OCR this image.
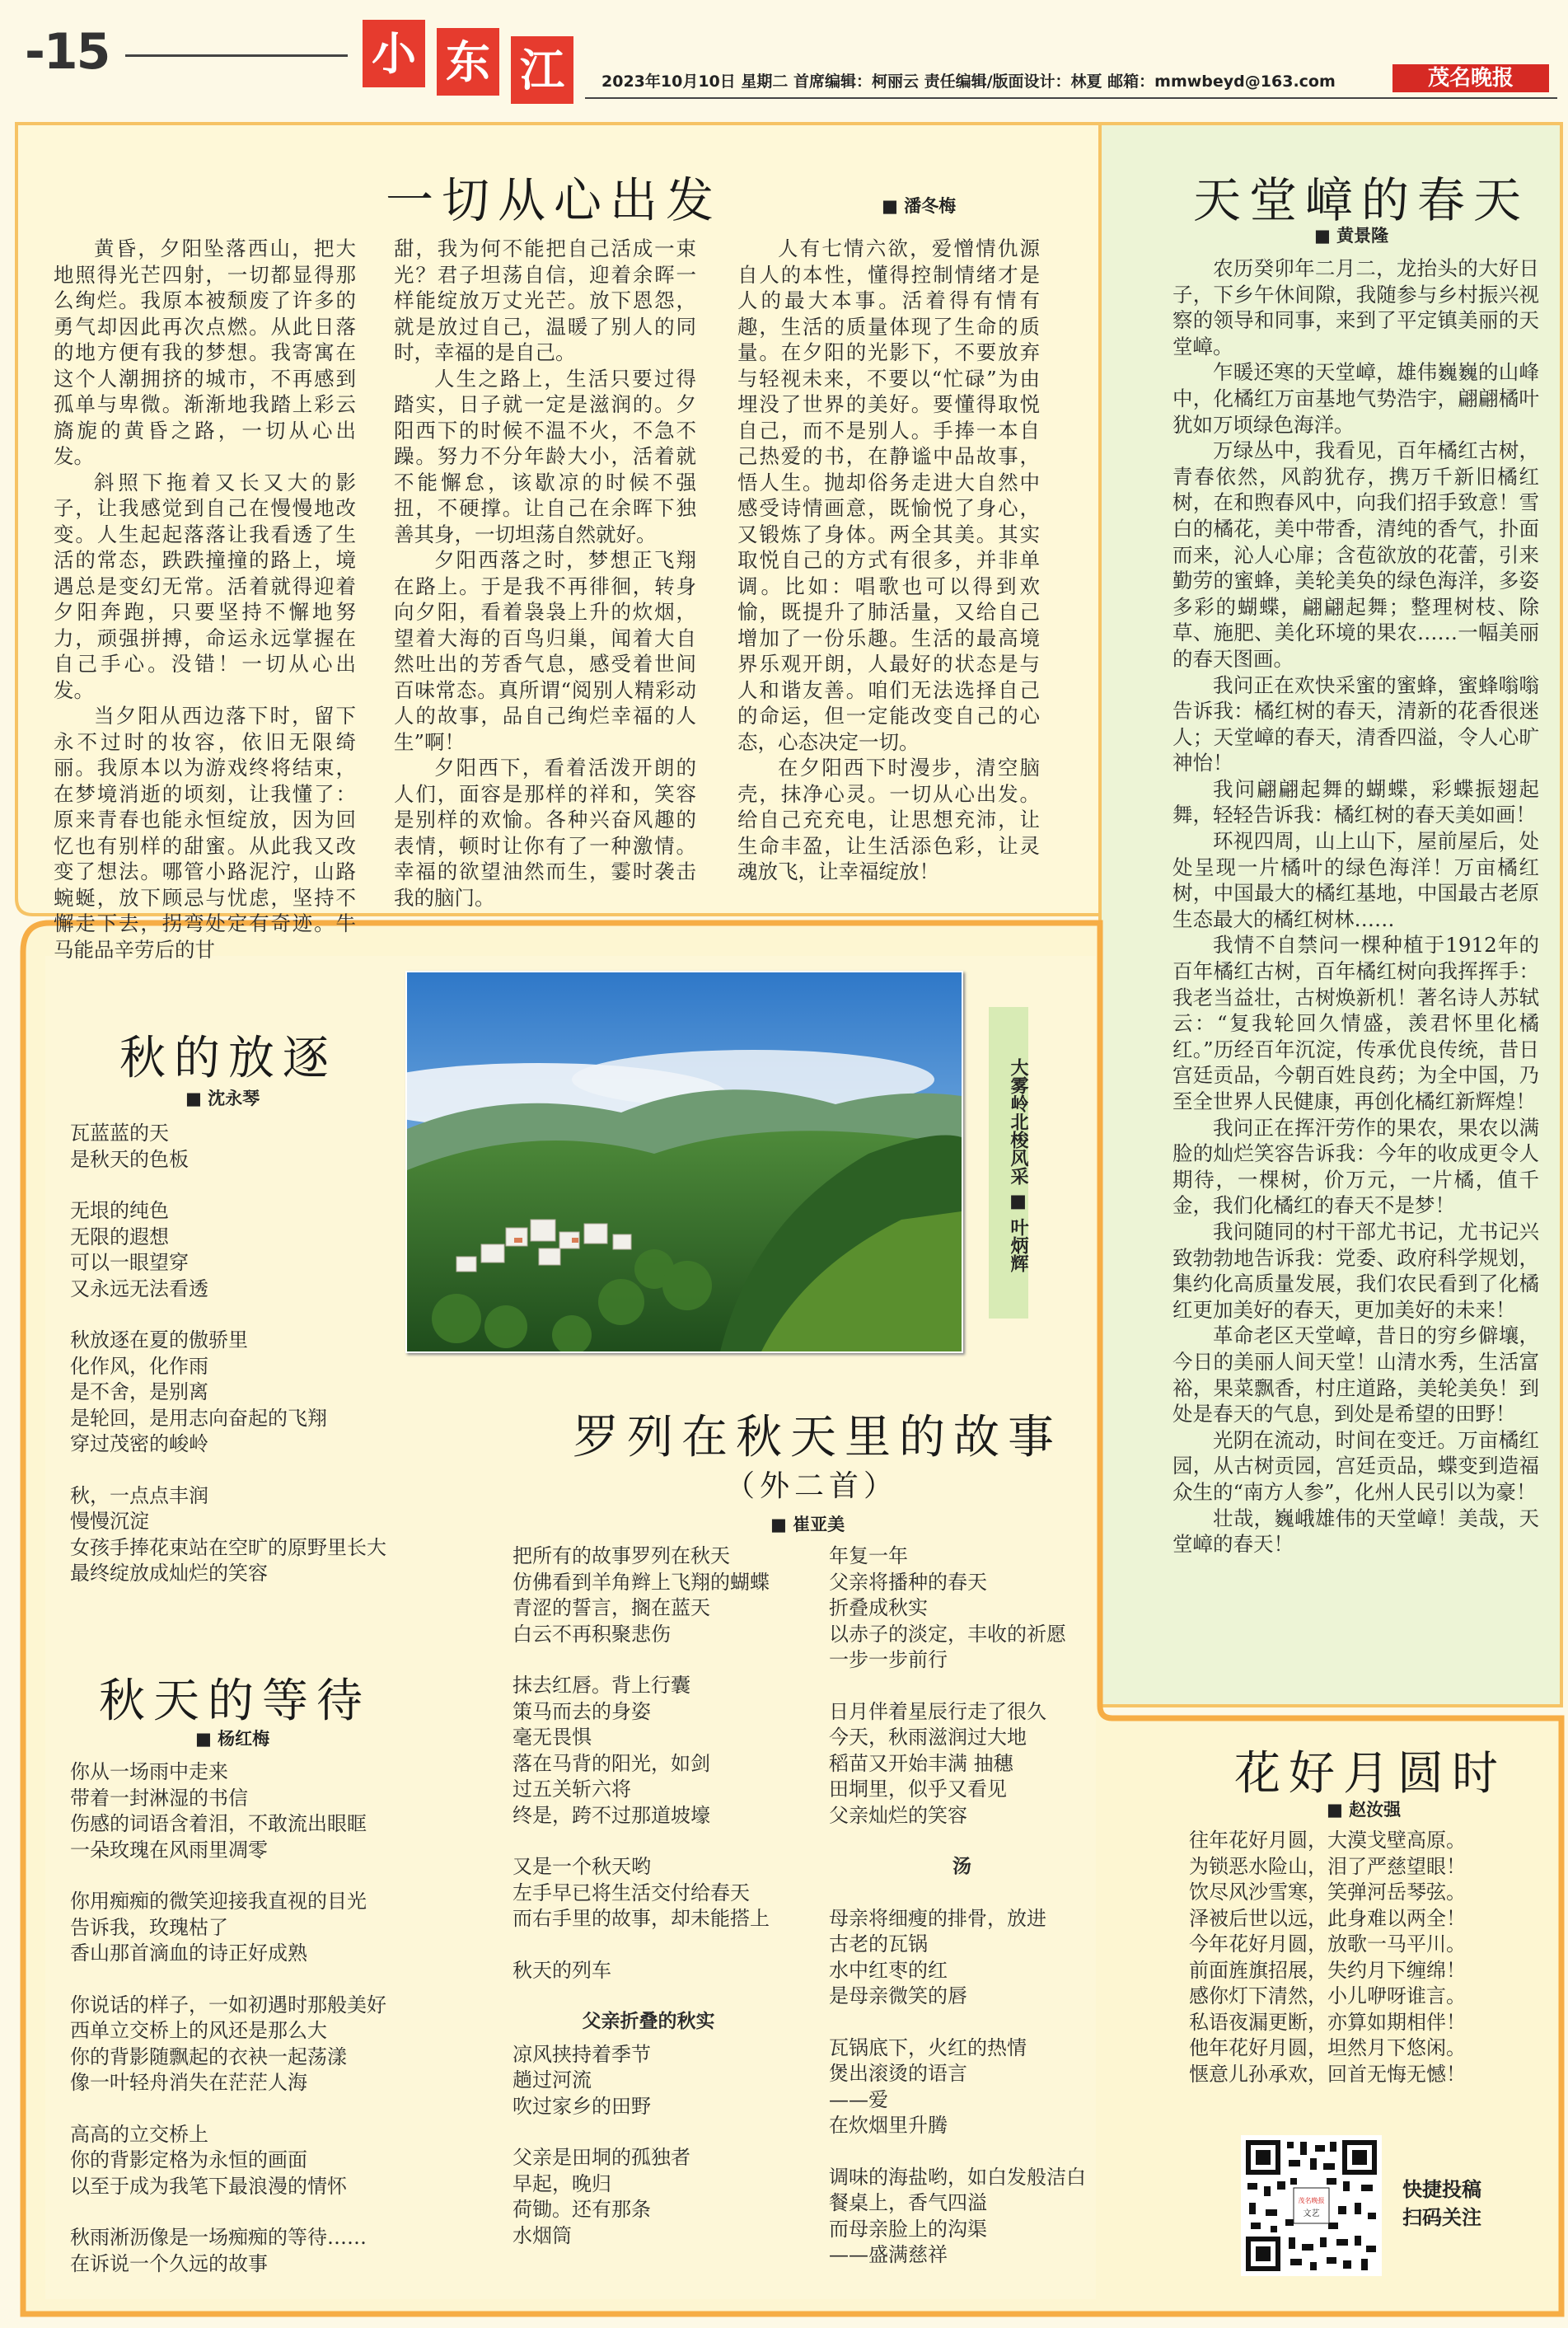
-15	小 东 江	2023年10月10日 星期二 首席编辑：柯丽云 责任编辑/版面设计：林夏 邮箱：mmwbeyd@163.com	茂名晚报
一切从心出发
■	潘冬梅

黄昏，夕阳坠落西山，把大地照得光芒四射，一切都显得那么绚烂。我原本被颓废了许多的勇气却因此再次点燃。从此日落的地方便有我的梦想。我寄寓在这个人潮拥挤的城市，不再感到孤单与卑微。渐渐地我踏上彩云旖旎的黄昏之路，一切从心出发。

斜照下拖着又长又大的影子，让我感觉到自己在慢慢地改变。人生起起落落让我看透了生活的常态，跌跌撞撞的路上，境遇总是变幻无常。活着就得迎着夕阳奔跑，只要坚持不懈地努力，顽强拼搏，命运永远掌握在自己手心。没错！一切从心出发。

当夕阳从西边落下时，留下永不过时的妆容，依旧无限绮丽。我原本以为游戏终将结束，在梦境消逝的顷刻，让我懂了：原来青春也能永恒绽放，因为回忆也有别样的甜蜜。从此我又改变了想法。哪管小路泥泞，山路蜿蜒，放下顾忌与忧虑，坚持不懈走下去，拐弯处定有奇迹。牛马能品辛劳后的甘

甜，我为何不能把自己活成一束光？君子坦荡自信，迎着余晖一样能绽放万丈光芒。放下恩怨，就是放过自己，温暖了别人的同时，幸福的是自己。

人生之路上，生活只要过得踏实，日子就一定是滋润的。夕阳西下的时候不温不火，不急不躁。努力不分年龄大小，活着就不能懈怠，该歇凉的时候不强扭，不硬撑。让自己在余晖下独善其身，一切坦荡自然就好。

夕阳西落之时，梦想正飞翔在路上。于是我不再徘徊，转身向夕阳，看着袅袅上升的炊烟，望着大海的百鸟归巢，闻着大自然吐出的芳香气息，感受着世间百味常态。真所谓“阅别人精彩动人的故事，品自己绚烂幸福的人生”啊！

夕阳西下，看着活泼开朗的人们，面容是那样的祥和，笑容是别样的欢愉。各种兴奋风趣的表情，顿时让你有了一种激情。幸福的欲望油然而生，霎时袭击我的脑门。

人有七情六欲，爱憎情仇源自人的本性，懂得控制情绪才是人的最大本事。活着得有情有趣，生活的质量体现了生命的质量。在夕阳的光影下，不要放弃与轻视未来，不要以“忙碌”为由埋没了世界的美好。要懂得取悦自己，而不是别人。手捧一本自己热爱的书，在静谧中品故事，悟人生。抛却俗务走进大自然中感受诗情画意，既愉悦了身心，又锻炼了身体。两全其美。其实取悦自己的方式有很多，并非单调。比如：唱歌也可以得到欢愉，既提升了肺活量，又给自己增加了一份乐趣。生活的最高境界乐观开朗，人最好的状态是与人和谐友善。咱们无法选择自己的命运，但一定能改变自己的心态，心态决定一切。

在夕阳西下时漫步，清空脑壳，抹净心灵。一切从心出发。给自己充充电，让思想充沛，让生命丰盈，让生活添色彩，让灵魂放飞，让幸福绽放！

天堂嶂的春天
■ 黄景隆

农历癸卯年二月二，龙抬头的大好日子，下乡午休间隙，我随参与乡村振兴视察的领导和同事，来到了平定镇美丽的天堂嶂。

乍暖还寒的天堂嶂，雄伟巍巍的山峰中，化橘红万亩基地气势浩宇，翩翩橘叶犹如万顷绿色海洋。

万绿丛中，我看见，百年橘红古树，青春依然，风韵犹存，携万千新旧橘红树，在和煦春风中，向我们招手致意！雪白的橘花，美中带香，清纯的香气，扑面而来，沁人心扉；含苞欲放的花蕾，引来勤劳的蜜蜂，美轮美奂的绿色海洋，多姿多彩的蝴蝶，翩翩起舞；整理树枝、除草、施肥、美化环境的果农……一幅美丽的春天图画。

我问正在欢快采蜜的蜜蜂，蜜蜂嗡嗡告诉我：橘红树的春天，清新的花香很迷人；天堂嶂的春天，清香四溢，令人心旷神怡！

我问翩翩起舞的蝴蝶，彩蝶振翅起舞，轻轻告诉我：橘红树的春天美如画！

环视四周，山上山下，屋前屋后，处处呈现一片橘叶的绿色海洋！万亩橘红树，中国最大的橘红基地，中国最古老原生态最大的橘红树林……

我情不自禁问一棵种植于1912年的百年橘红古树，百年橘红树向我挥挥手：我老当益壮，古树焕新机！著名诗人苏轼云：“复我轮回久情盛，羡君怀里化橘红。”历经百年沉淀，传承优良传统，昔日宫廷贡品，今朝百姓良药；为全中国，乃至全世界人民健康，再创化橘红新辉煌！

我问正在挥汗劳作的果农，果农以满脸的灿烂笑容告诉我：今年的收成更令人期待，一棵树，价万元，一片橘，值千金，我们化橘红的春天不是梦！

我问随同的村干部尤书记，尤书记兴致勃勃地告诉我：党委、政府科学规划，集约化高质量发展，我们农民看到了化橘红更加美好的春天，更加美好的未来！

革命老区天堂嶂，昔日的穷乡僻壤，今日的美丽人间天堂！山清水秀，生活富裕，果菜飘香，村庄道路，美轮美奂！到处是春天的气息，到处是希望的田野！

光阴在流动，时间在变迁。万亩橘红园，从古树贡园，宫廷贡品，蝶变到造福众生的“南方人参”，化州人民引以为豪！

壮哉，巍峨雄伟的天堂嶂！美哉，天堂嶂的春天！

大雾岭北梭风采 ■ 叶炳辉
秋的放逐
■ 沈永琴
瓦蓝蓝的天
是秋天的色板
无垠的纯色
无限的遐想
可以一眼望穿
又永远无法看透
秋放逐在夏的傲骄里
化作风，化作雨
是不舍，是别离
是轮回，是用志向奋起的飞翔
穿过茂密的峻岭
秋，一点点丰润
慢慢沉淀
女孩手捧花束站在空旷的原野里长大
最终绽放成灿烂的笑容
秋天的等待
■ 杨红梅
你从一场雨中走来
带着一封淋湿的书信
伤感的词语含着泪，不敢流出眼眶
一朵玫瑰在风雨里凋零
你用痴痴的微笑迎接我直视的目光
告诉我，玫瑰枯了
香山那首滴血的诗正好成熟
你说话的样子，一如初遇时那般美好
西单立交桥上的风还是那么大
你的背影随飘起的衣袂一起荡漾
像一叶轻舟消失在茫茫人海
高高的立交桥上
你的背影定格为永恒的画面
以至于成为我笔下最浪漫的情怀
秋雨淅沥像是一场痴痴的等待……
在诉说一个久远的故事
罗列在秋天里的故事
（外二首）
■ 崔亚美
把所有的故事罗列在秋天
仿佛看到羊角辫上飞翔的蝴蝶
青涩的誓言，搁在蓝天
白云不再积聚悲伤
抹去红唇。背上行囊
策马而去的身姿
毫无畏惧
落在马背的阳光，如剑
过五关斩六将
终是，跨不过那道坡壕
又是一个秋天哟
左手早已将生活交付给春天
而右手里的故事，却未能搭上
秋天的列车
父亲折叠的秋实
凉风挟持着季节
趟过河流
吹过家乡的田野
父亲是田垌的孤独者
早起，晚归
荷锄。还有那条
水烟筒
年复一年
父亲将播种的春天
折叠成秋实
以赤子的淡定，丰收的祈愿
一步一步前行
日月伴着星辰行走了很久
今天，秋雨滋润过大地
稻苗又开始丰满 抽穗
田垌里，似乎又看见
父亲灿烂的笑容
汤
母亲将细瘦的排骨，放进
古老的瓦锅
水中红枣的红
是母亲微笑的唇
瓦锅底下，火红的热情
煲出滚烫的语言
——爱
在炊烟里升腾
调味的海盐哟，如白发般洁白
餐桌上，香气四溢
而母亲脸上的沟渠
——盛满慈祥
花好月圆时
■ 赵汝强
往年花好月圆，大漠戈壁高原。
为锁恶水险山，泪了严慈望眼！
饮尽风沙雪寒，笑弹河岳琴弦。
泽被后世以远，此身难以两全！
今年花好月圆，放歌一马平川。
前面旌旗招展，失约月下缠绵！
感你灯下清然，小儿咿呀谁言。
私语夜漏更断，亦算如期相伴！
他年花好月圆，坦然月下悠闲。
惬意儿孙承欢，回首无悔无憾！
茂名晚报
文艺
快捷投稿
扫码关注
